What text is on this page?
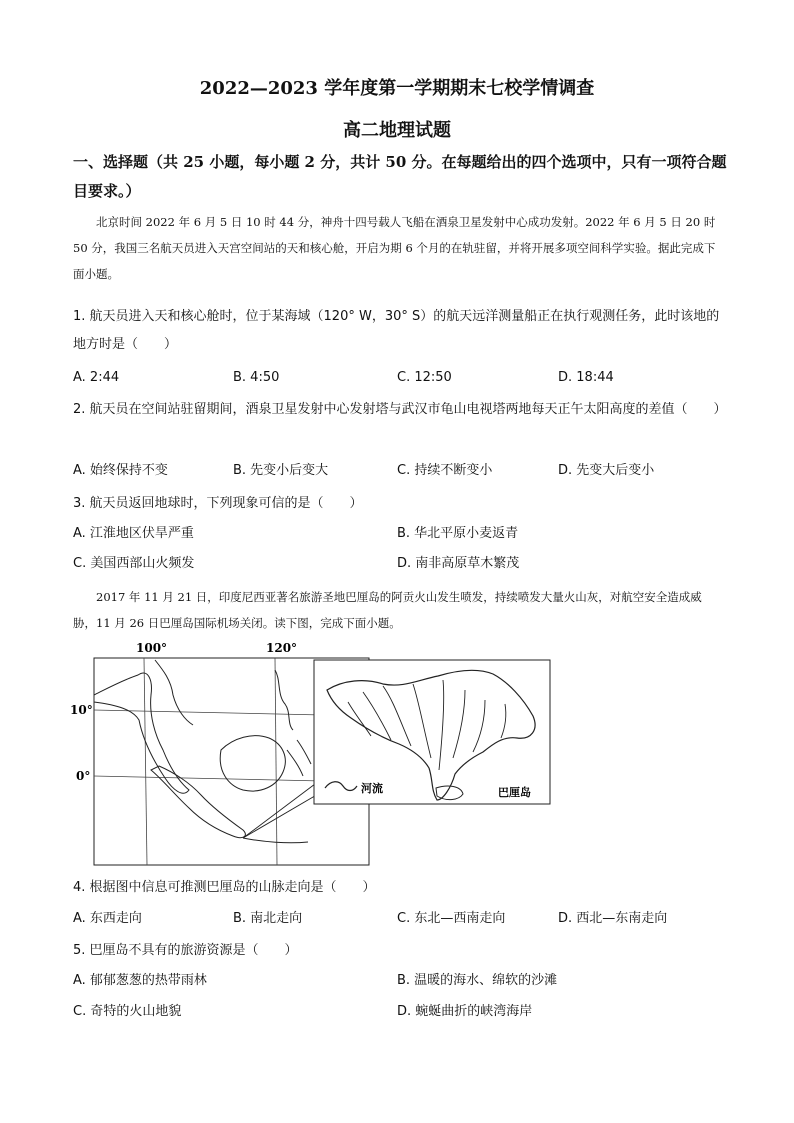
2022—2023 学年度第一学期期末七校学情调查
高二地理试题
一、选择题（共 25 小题，每小题 2 分，共计 50 分。在每题给出的四个选项中，只有一项符合题目要求。）
北京时间 2022 年 6 月 5 日 10 时 44 分，神舟十四号载人飞船在酒泉卫星发射中心成功发射。2022 年 6 月 5 日 20 时 50 分，我国三名航天员进入天宫空间站的天和核心舱，开启为期 6 个月的在轨驻留，并将开展多项空间科学实验。据此完成下面小题。
1. 航天员进入天和核心舱时，位于某海域（120° W，30° S）的航天远洋测量船正在执行观测任务，此时该地的地方时是（　　）
A. 2:44	B. 4:50	C. 12:50	D. 18:44
2. 航天员在空间站驻留期间，酒泉卫星发射中心发射塔与武汉市龟山电视塔两地每天正午太阳高度的差值（　　）
A. 始终保持不变	B. 先变小后变大	C. 持续不断变小	D. 先变大后变小
3. 航天员返回地球时，下列现象可信的是（　　）
A. 江淮地区伏旱严重	B. 华北平原小麦返青
C. 美国西部山火频发	D. 南非高原草木繁茂
2017 年 11 月 21 日，印度尼西亚著名旅游圣地巴厘岛的阿贡火山发生喷发，持续喷发大量火山灰，对航空安全造成威胁，11 月 26 日巴厘岛国际机场关闭。读下图，完成下面小题。
100°	120°
10°
0°
河流	巴厘岛
4. 根据图中信息可推测巴厘岛的山脉走向是（　　）
A. 东西走向	B. 南北走向	C. 东北—西南走向	D. 西北—东南走向
5. 巴厘岛不具有的旅游资源是（　　）
A. 郁郁葱葱的热带雨林	B. 温暖的海水、绵软的沙滩
C. 奇特的火山地貌	D. 蜿蜒曲折的峡湾海岸
